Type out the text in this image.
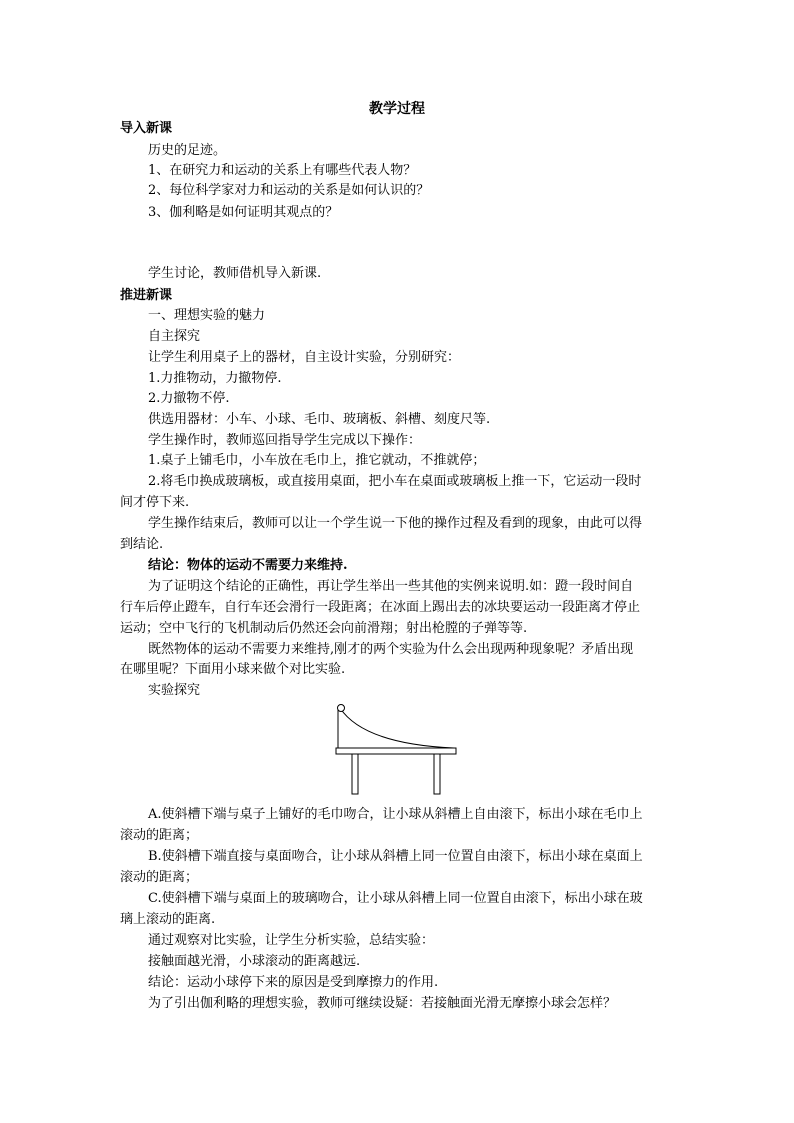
教学过程
导入新课
历史的足迹。
1、在研究力和运动的关系上有哪些代表人物？
2、每位科学家对力和运动的关系是如何认识的？
3、伽利略是如何证明其观点的？
学生讨论，教师借机导入新课.
推进新课
一、理想实验的魅力
自主探究
让学生利用桌子上的器材，自主设计实验，分别研究：
1.力推物动，力撤物停.
2.力撤物不停.
供选用器材：小车、小球、毛巾、玻璃板、斜槽、刻度尺等.
学生操作时，教师巡回指导学生完成以下操作：
1.桌子上铺毛巾，小车放在毛巾上，推它就动，不推就停；
2.将毛巾换成玻璃板，或直接用桌面，把小车在桌面或玻璃板上推一下，它运动一段时
间才停下来.
学生操作结束后，教师可以让一个学生说一下他的操作过程及看到的现象，由此可以得
到结论.
结论：物体的运动不需要力来维持.
为了证明这个结论的正确性，再让学生举出一些其他的实例来说明.如：蹬一段时间自
行车后停止蹬车，自行车还会滑行一段距离；在冰面上踢出去的冰块要运动一段距离才停止
运动；空中飞行的飞机制动后仍然还会向前滑翔；射出枪膛的子弹等等.
既然物体的运动不需要力来维持,刚才的两个实验为什么会出现两种现象呢？矛盾出现
在哪里呢？下面用小球来做个对比实验.
实验探究
A.使斜槽下端与桌子上铺好的毛巾吻合，让小球从斜槽上自由滚下，标出小球在毛巾上
滚动的距离；
B.使斜槽下端直接与桌面吻合，让小球从斜槽上同一位置自由滚下，标出小球在桌面上
滚动的距离；
C.使斜槽下端与桌面上的玻璃吻合，让小球从斜槽上同一位置自由滚下，标出小球在玻
璃上滚动的距离.
通过观察对比实验，让学生分析实验，总结实验：
接触面越光滑，小球滚动的距离越远.
结论：运动小球停下来的原因是受到摩擦力的作用.
为了引出伽利略的理想实验，教师可继续设疑：若接触面光滑无摩擦小球会怎样？
